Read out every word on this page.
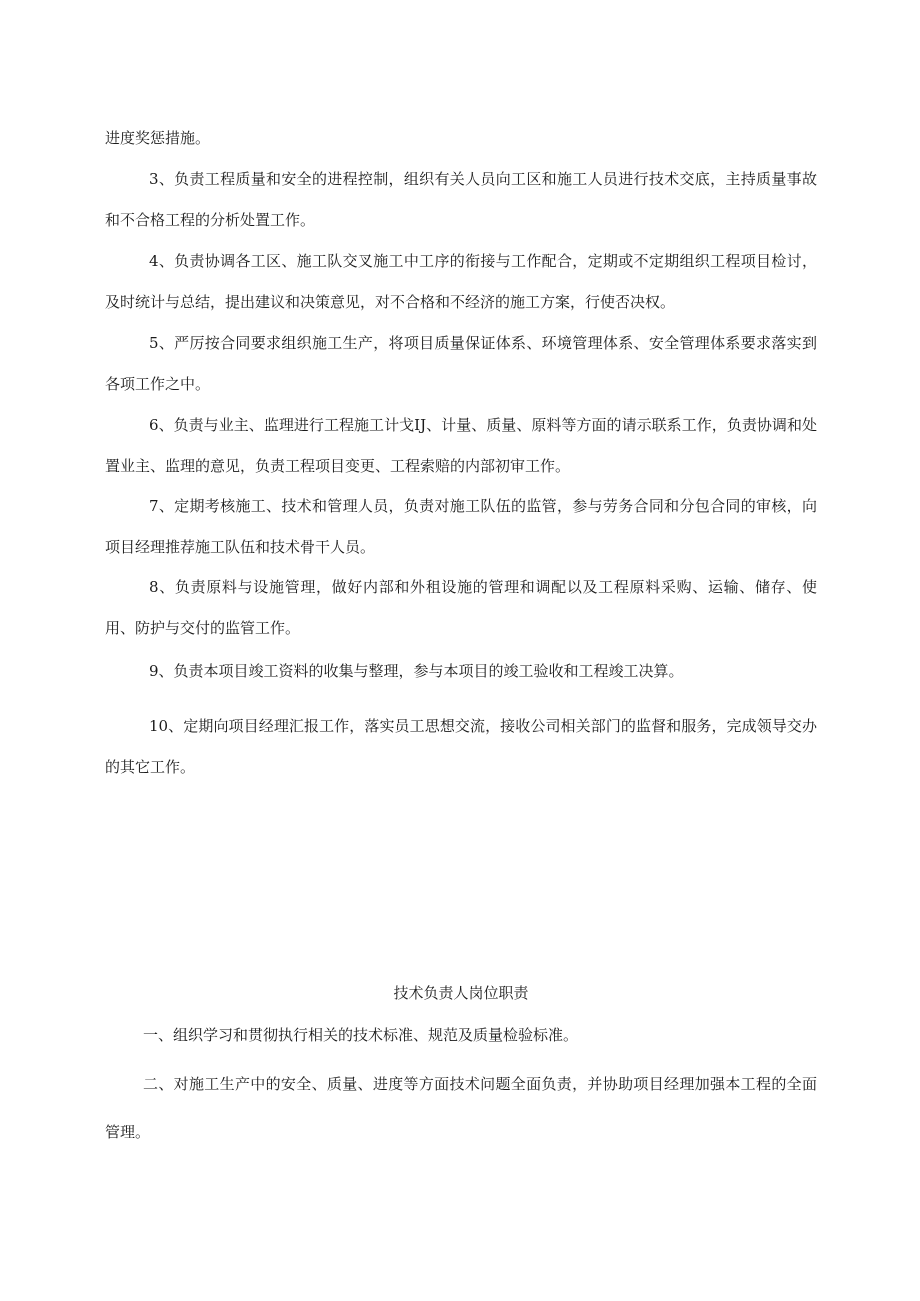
进度奖惩措施。

3、负责工程质量和安全的进程控制，组织有关人员向工区和施工人员进行技术交底，主持质量事故和不合格工程的分析处置工作。

4、负责协调各工区、施工队交叉施工中工序的衔接与工作配合，定期或不定期组织工程项目检讨，及时统计与总结，提出建议和决策意见，对不合格和不经济的施工方案，行使否决权。

5、严厉按合同要求组织施工生产，将项目质量保证体系、环境管理体系、安全管理体系要求落实到各项工作之中。

6、负责与业主、监理进行工程施工计戈IJ、计量、质量、原料等方面的请示联系工作，负责协调和处置业主、监理的意见，负责工程项目变更、工程索赔的内部初审工作。

7、定期考核施工、技术和管理人员，负责对施工队伍的监管，参与劳务合同和分包合同的审核，向项目经理推荐施工队伍和技术骨干人员。

8、负责原料与设施管理，做好内部和外租设施的管理和调配以及工程原料采购、运输、储存、使用、防护与交付的监管工作。

9、负责本项目竣工资料的收集与整理，参与本项目的竣工验收和工程竣工决算。

10、定期向项目经理汇报工作，落实员工思想交流，接收公司相关部门的监督和服务，完成领导交办的其它工作。

技术负责人岗位职责

一、组织学习和贯彻执行相关的技术标准、规范及质量检验标准。

二、对施工生产中的安全、质量、进度等方面技术问题全面负责，并协助项目经理加强本工程的全面管理。
